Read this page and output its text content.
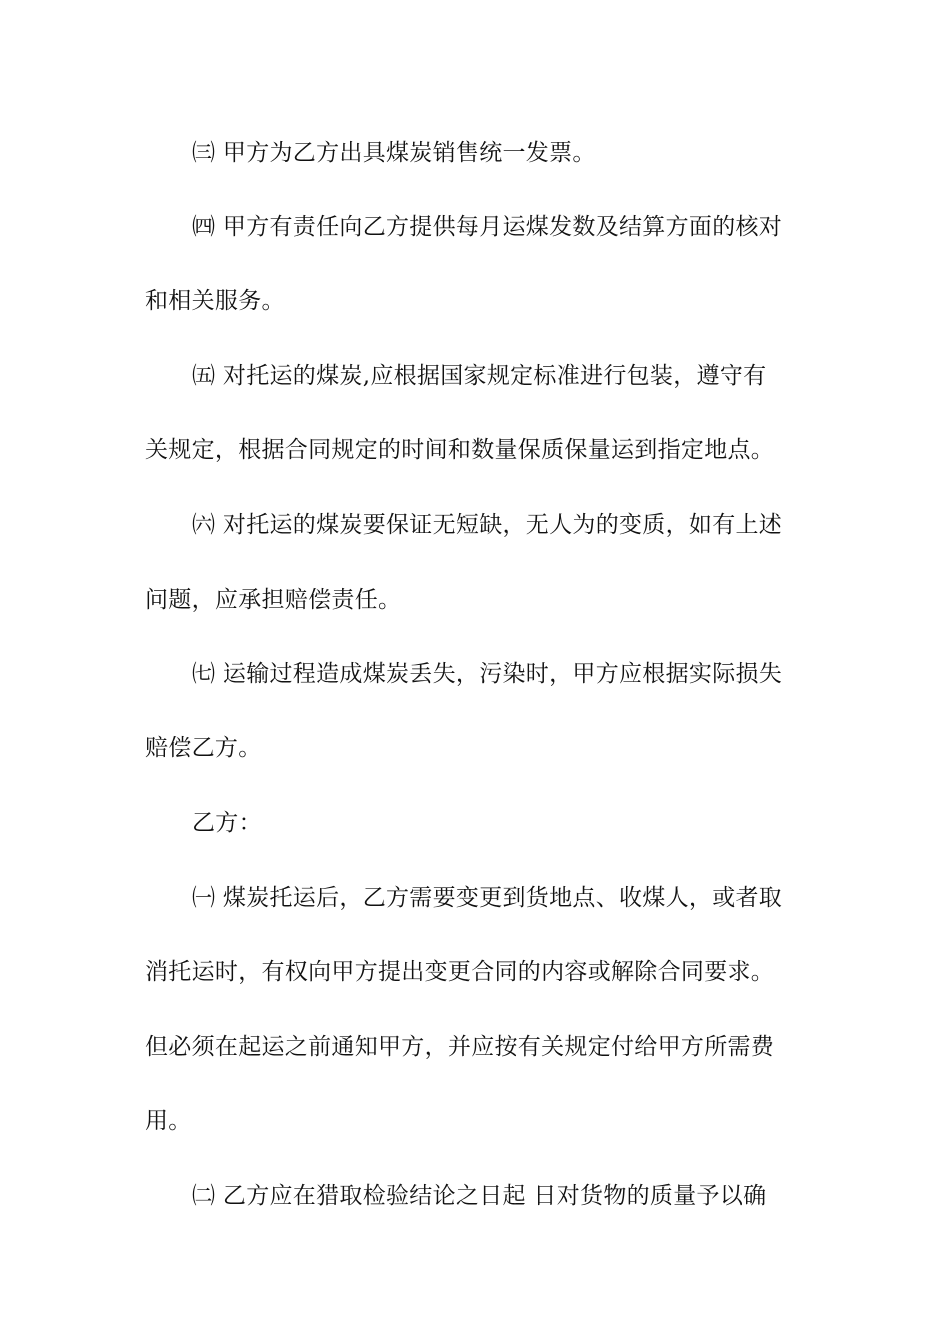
㈢ 甲方为乙方出具煤炭销售统一发票。
㈣ 甲方有责任向乙方提供每月运煤发数及结算方面的核对
和相关服务。
㈤ 对托运的煤炭,应根据国家规定标准进行包装，遵守有
关规定，根据合同规定的时间和数量保质保量运到指定地点。
㈥ 对托运的煤炭要保证无短缺，无人为的变质，如有上述
问题，应承担赔偿责任。
㈦ 运输过程造成煤炭丢失，污染时，甲方应根据实际损失
赔偿乙方。
乙方：
㈠ 煤炭托运后，乙方需要变更到货地点、收煤人，或者取
消托运时，有权向甲方提出变更合同的内容或解除合同要求。
但必须在起运之前通知甲方，并应按有关规定付给甲方所需费
用。
㈡ 乙方应在猎取检验结论之日起 日对货物的质量予以确
